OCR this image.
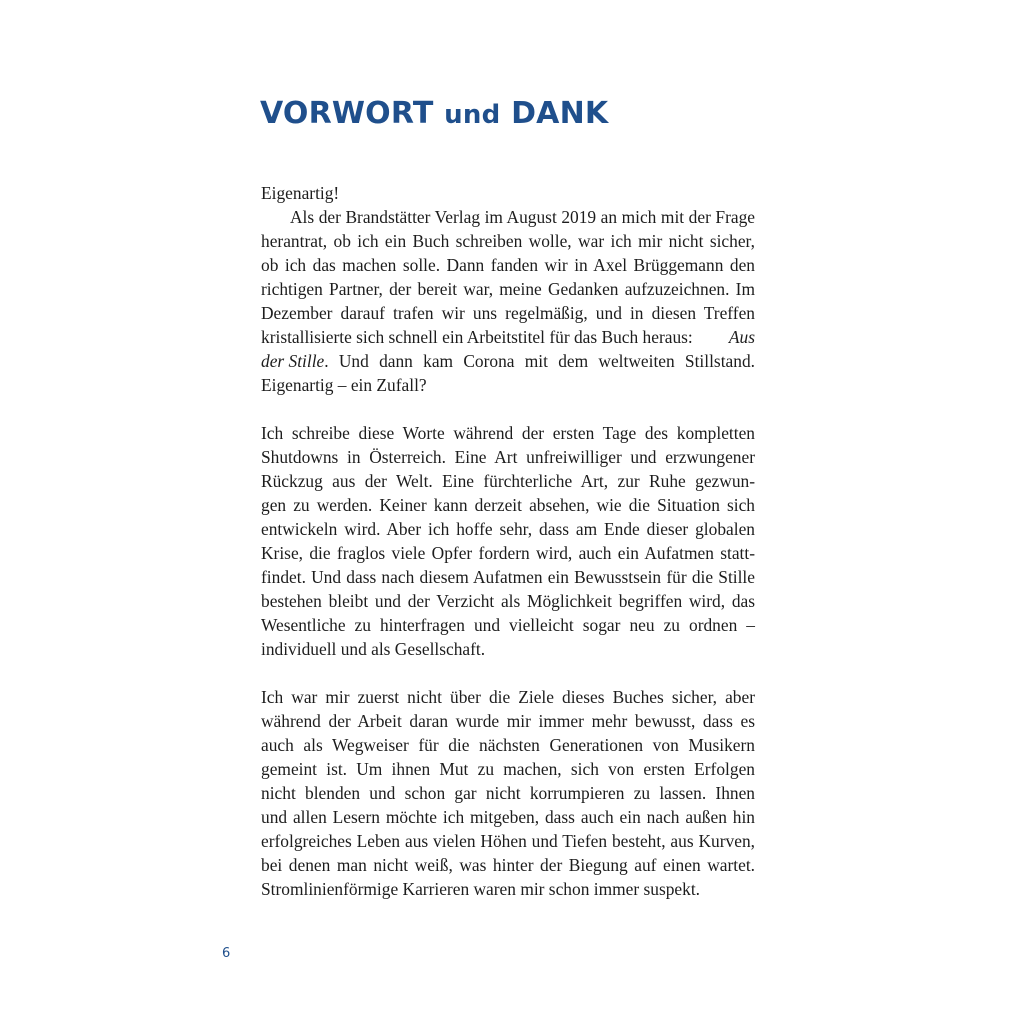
VORWORT und DANK
Eigenartig!
Als der Brandstätter Verlag im August 2019 an mich mit der Frage
herantrat, ob ich ein Buch schreiben wolle, war ich mir nicht sicher,
ob ich das machen solle. Dann fanden wir in Axel Brüggemann den
richtigen Partner, der bereit war, meine Gedanken aufzuzeichnen. Im
Dezember darauf trafen wir uns regelmäßig, und in diesen Treffen
kristallisierte sich schnell ein Arbeitstitel für das Buch heraus: Aus
der Stille . Und dann kam Corona mit dem weltweiten Stillstand.
Eigenartig – ein Zufall?
Ich schreibe diese Worte während der ersten Tage des kompletten
Shutdowns in Österreich. Eine Art unfreiwilliger und erzwungener
Rückzug aus der Welt. Eine fürchterliche Art, zur Ruhe gezwun-
gen zu werden. Keiner kann derzeit absehen, wie die Situation sich
entwickeln wird. Aber ich hoffe sehr, dass am Ende dieser globalen
Krise, die fraglos viele Opfer fordern wird, auch ein Aufatmen statt-
findet. Und dass nach diesem Aufatmen ein Bewusstsein für die Stille
bestehen bleibt und der Verzicht als Möglichkeit begriffen wird, das
Wesentliche zu hinterfragen und vielleicht sogar neu zu ordnen –
individuell und als Gesellschaft.
Ich war mir zuerst nicht über die Ziele dieses Buches sicher, aber
während der Arbeit daran wurde mir immer mehr bewusst, dass es
auch als Wegweiser für die nächsten Generationen von Musikern
gemeint ist. Um ihnen Mut zu machen, sich von ersten Erfolgen
nicht blenden und schon gar nicht korrumpieren zu lassen. Ihnen
und allen Lesern möchte ich mitgeben, dass auch ein nach außen hin
erfolgreiches Leben aus vielen Höhen und Tiefen besteht, aus Kurven,
bei denen man nicht weiß, was hinter der Biegung auf einen wartet.
Stromlinienförmige Karrieren waren mir schon immer suspekt.
6
